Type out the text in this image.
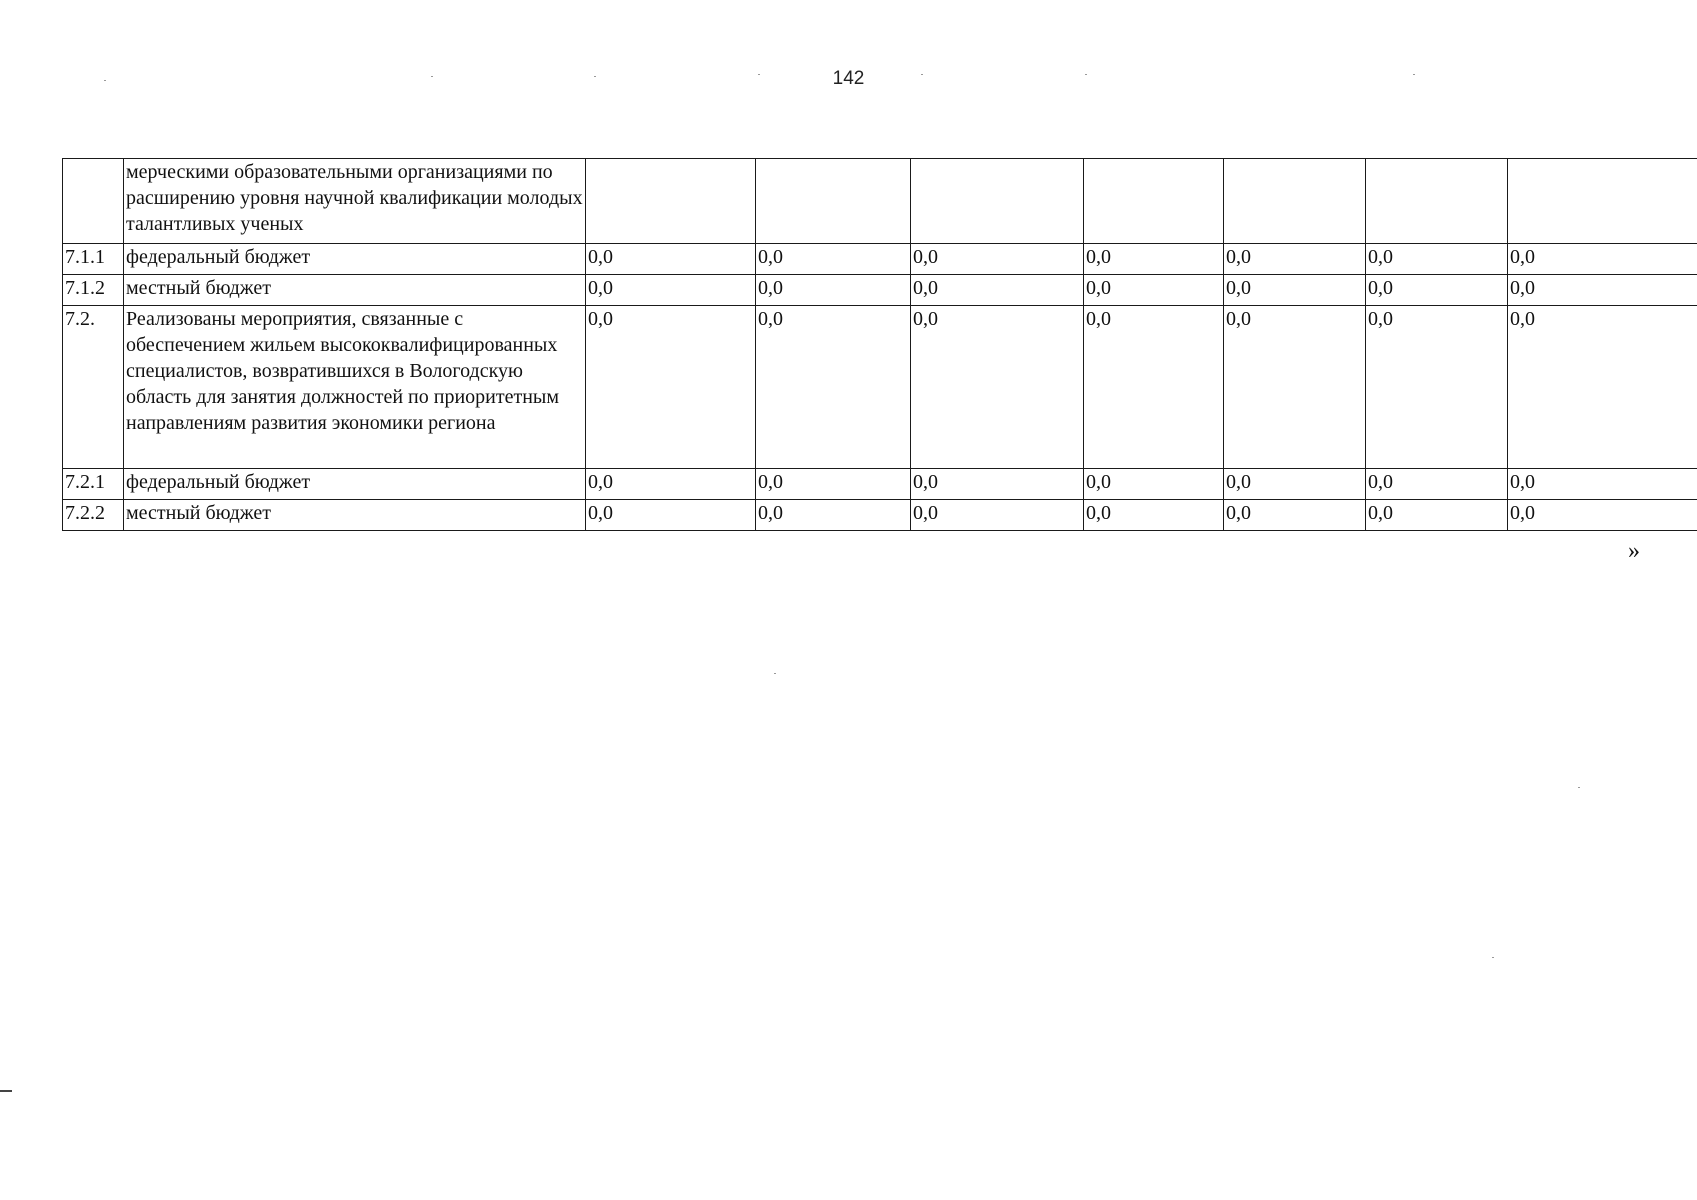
142
	мерческими образовательными организациями по расширению уровня научной квалификации молодых талантливых ученых							
7.1.1	федеральный бюджет	0,0	0,0	0,0	0,0	0,0	0,0	0,0
7.1.2	местный бюджет	0,0	0,0	0,0	0,0	0,0	0,0	0,0
7.2.	Реализованы мероприятия, связанные с обеспечением жильем высококвалифицированных специалистов, возвратившихся в Вологодскую область для занятия должностей по приоритетным направлениям развития экономики региона	0,0	0,0	0,0	0,0	0,0	0,0	0,0
7.2.1	федеральный бюджет	0,0	0,0	0,0	0,0	0,0	0,0	0,0
7.2.2	местный бюджет	0,0	0,0	0,0	0,0	0,0	0,0	0,0
»
